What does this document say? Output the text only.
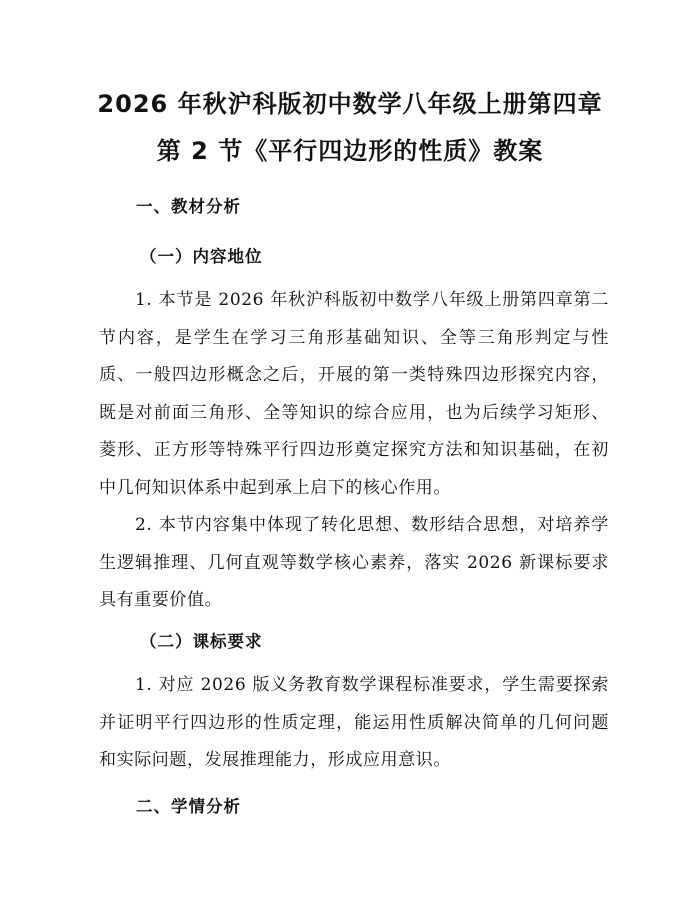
2026 年秋沪科版初中数学八年级上册第四章
第 2 节《平行四边形的性质》教案
一、教材分析
（一）内容地位

1. 本节是 2026 年秋沪科版初中数学八年级上册第四章第二节内容，是学生在学习三角形基础知识、全等三角形判定与性质、一般四边形概念之后，开展的第一类特殊四边形探究内容，既是对前面三角形、全等知识的综合应用，也为后续学习矩形、菱形、正方形等特殊平行四边形奠定探究方法和知识基础，在初中几何知识体系中起到承上启下的核心作用。

2. 本节内容集中体现了转化思想、数形结合思想，对培养学生逻辑推理、几何直观等数学核心素养，落实 2026 新课标要求具有重要价值。

（二）课标要求

1. 对应 2026 版义务教育数学课程标准要求，学生需要探索并证明平行四边形的性质定理，能运用性质解决简单的几何问题和实际问题，发展推理能力，形成应用意识。

二、学情分析
